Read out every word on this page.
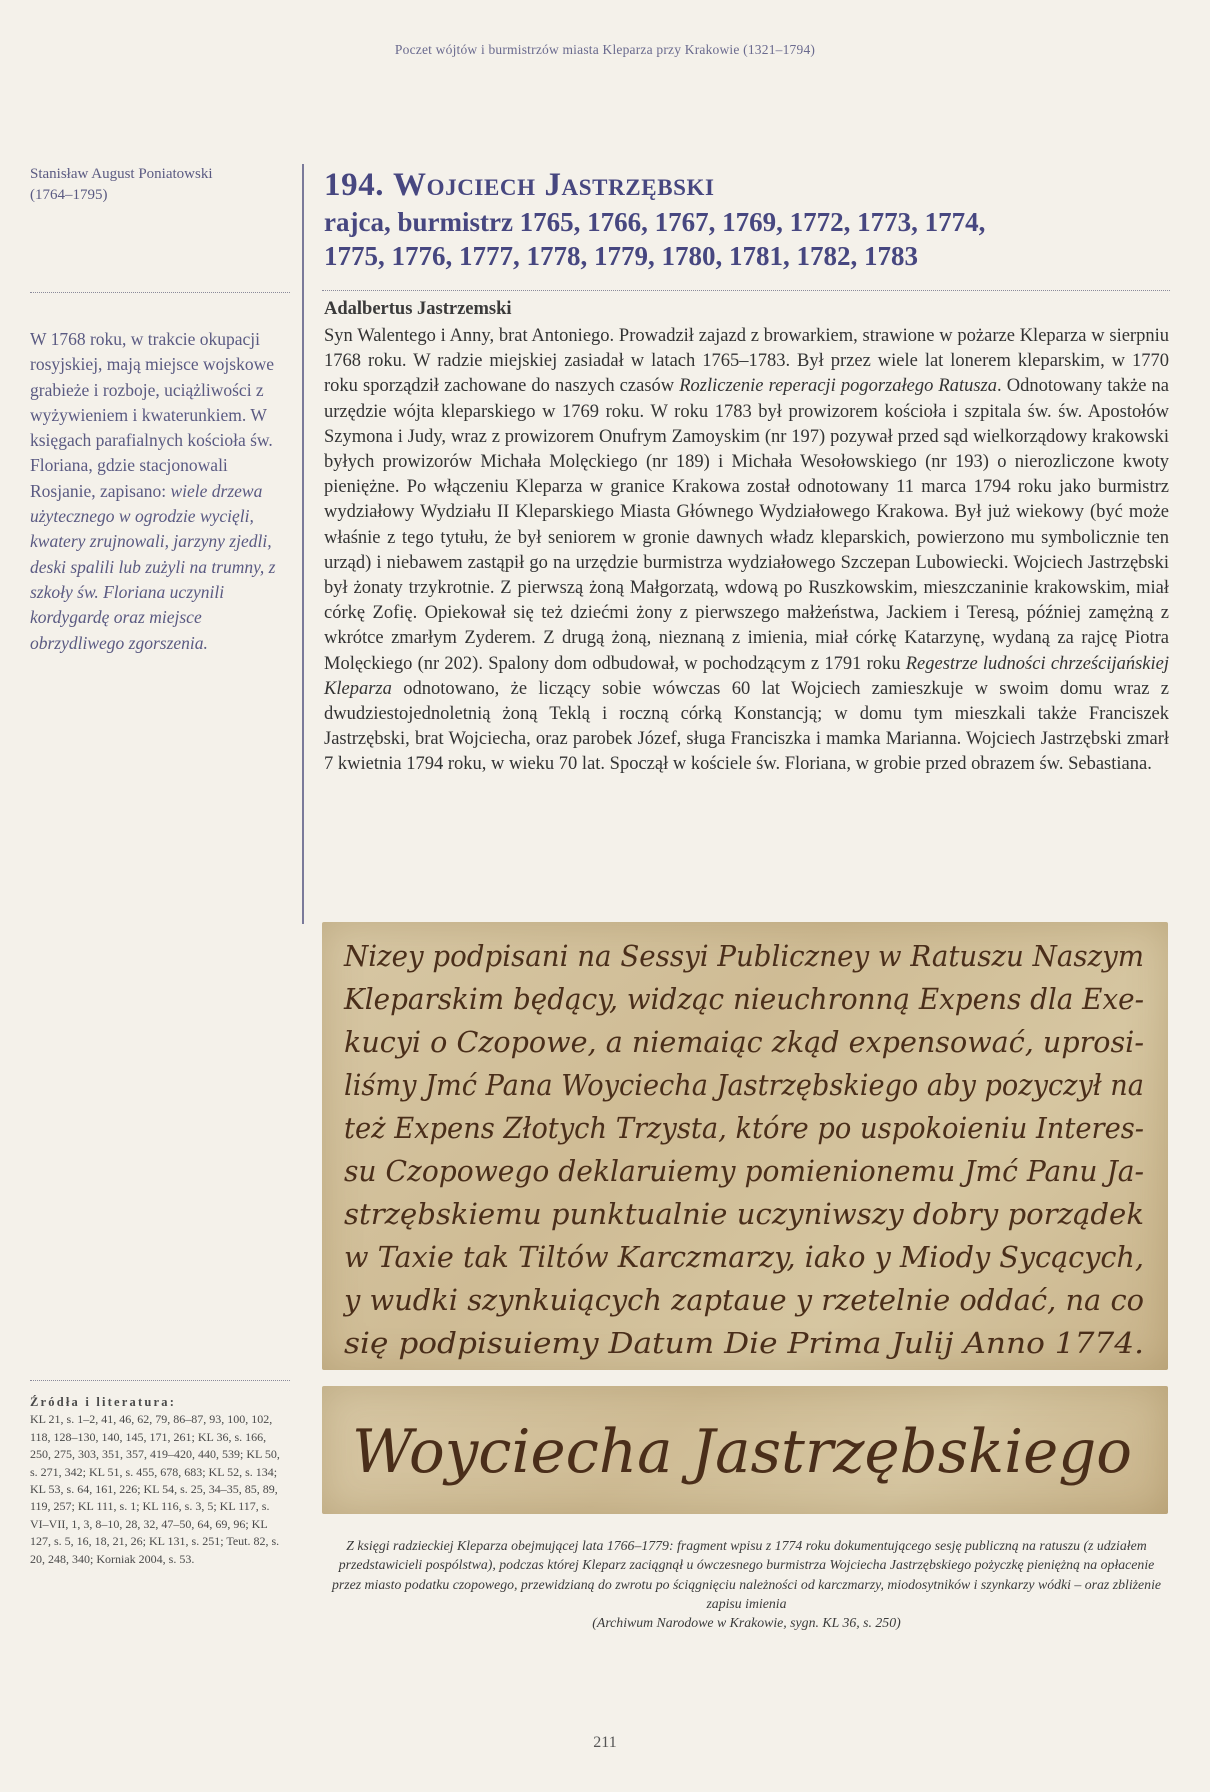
Poczet wójtów i burmistrzów miasta Kleparza przy Krakowie (1321–1794)
Stanisław August Poniatowski
(1764–1795)
W 1768 roku, w trakcie okupacji rosyjskiej, mają miejsce wojskowe grabieże i rozboje, uciążliwości z wyżywieniem i kwaterunkiem. W księgach parafialnych kościoła św. Floriana, gdzie stacjonowali Rosjanie, zapisano: wiele drzewa użytecznego w ogrodzie wycięli, kwatery zrujnowali, jarzyny zjedli, deski spalili lub zużyli na trumny, z szkoły św. Floriana uczynili kordygardę oraz miejsce obrzydliwego zgorszenia.
Źródła i literatura:
KL 21, s. 1–2, 41, 46, 62, 79, 86–87, 93, 100, 102, 118, 128–130, 140, 145, 171, 261; KL 36, s. 166, 250, 275, 303, 351, 357, 419–420, 440, 539; KL 50, s. 271, 342; KL 51, s. 455, 678, 683; KL 52, s. 134; KL 53, s. 64, 161, 226; KL 54, s. 25, 34–35, 85, 89, 119, 257; KL 111, s. 1; KL 116, s. 3, 5; KL 117, s. VI–VII, 1, 3, 8–10, 28, 32, 47–50, 64, 69, 96; KL 127, s. 5, 16, 18, 21, 26; KL 131, s. 251; Teut. 82, s. 20, 248, 340; Korniak 2004, s. 53.
194. Wojciech Jastrzębski
rajca, burmistrz 1765, 1766, 1767, 1769, 1772, 1773, 1774,
1775, 1776, 1777, 1778, 1779, 1780, 1781, 1782, 1783
Adalbertus Jastrzemski
Syn Walentego i Anny, brat Antoniego. Prowadził zajazd z browarkiem, strawione w pożarze Kleparza w sierpniu 1768 roku. W radzie miejskiej zasiadał w latach 1765–1783. Był przez wiele lat lonerem kleparskim, w 1770 roku sporządził zachowane do naszych czasów Rozliczenie reperacji pogorzałego Ratusza. Odnotowany także na urzędzie wójta kleparskiego w 1769 roku. W roku 1783 był prowizorem kościoła i szpitala św. św. Apostołów Szymona i Judy, wraz z prowizorem Onufrym Zamoyskim (nr 197) pozywał przed sąd wielkorządowy krakowski byłych prowizorów Michała Molęckiego (nr 189) i Michała Wesołowskiego (nr 193) o nierozliczone kwoty pieniężne. Po włączeniu Kleparza w granice Krakowa został odnotowany 11 marca 1794 roku jako burmistrz wydziałowy Wydziału II Kleparskiego Miasta Głównego Wydziałowego Krakowa. Był już wiekowy (być może właśnie z tego tytułu, że był seniorem w gronie dawnych władz kleparskich, powierzono mu symbolicznie ten urząd) i niebawem zastąpił go na urzędzie burmistrza wydziałowego Szczepan Lubowiecki. Wojciech Jastrzębski był żonaty trzykrotnie. Z pierwszą żoną Małgorzatą, wdową po Ruszkowskim, mieszczaninie krakowskim, miał córkę Zofię. Opiekował się też dziećmi żony z pierwszego małżeństwa, Jackiem i Teresą, później zamężną z wkrótce zmarłym Zyderem. Z drugą żoną, nieznaną z imienia, miał córkę Katarzynę, wydaną za rajcę Piotra Molęckiego (nr 202). Spalony dom odbudował, w pochodzącym z 1791 roku Regestrze ludności chrześcijańskiej Kleparza odnotowano, że liczący sobie wówczas 60 lat Wojciech zamieszkuje w swoim domu wraz z dwudziestojednoletnią żoną Teklą i roczną córką Konstancją; w domu tym mieszkali także Franciszek Jastrzębski, brat Wojciecha, oraz parobek Józef, sługa Franciszka i mamka Marianna. Wojciech Jastrzębski zmarł 7 kwietnia 1794 roku, w wieku 70 lat. Spoczął w kościele św. Floriana, w grobie przed obrazem św. Sebastiana.
Nizey podpisani na Sessyi Publiczney w Ratuszu Naszym
Kleparskim będący, widząc nieuchronną Expens dla Exe-
kucyi o Czopowe, a niemaiąc zkąd expensować, uprosi-
liśmy Jmć Pana Woyciecha Jastrzębskiego aby pozyczył na
też Expens Złotych Trzysta, które po uspokoieniu Interes-
su Czopowego deklaruiemy pomienionemu Jmć Panu Ja-
strzębskiemu punktualnie uczyniwszy dobry porządek
w Taxie tak Tiltów Karczmarzy, iako y Miody Sycących,
y wudki szynkuiących zaptaue y rzetelnie oddać, na co
się podpisuiemy Datum Die Prima Julij Anno 1774.
Woyciecha Jastrzębskiego
Z księgi radzieckiej Kleparza obejmującej lata 1766–1779: fragment wpisu z 1774 roku dokumentującego sesję publiczną na ratuszu (z udziałem przedstawicieli pospólstwa), podczas której Kleparz zaciągnął u ówczesnego burmistrza Wojciecha Jastrzębskiego pożyczkę pieniężną na opłacenie przez miasto podatku czopowego, przewidzianą do zwrotu po ściągnięciu należności od karczmarzy, miodosytników i szynkarzy wódki – oraz zbliżenie zapisu imienia
(Archiwum Narodowe w Krakowie, sygn. KL 36, s. 250)
211
